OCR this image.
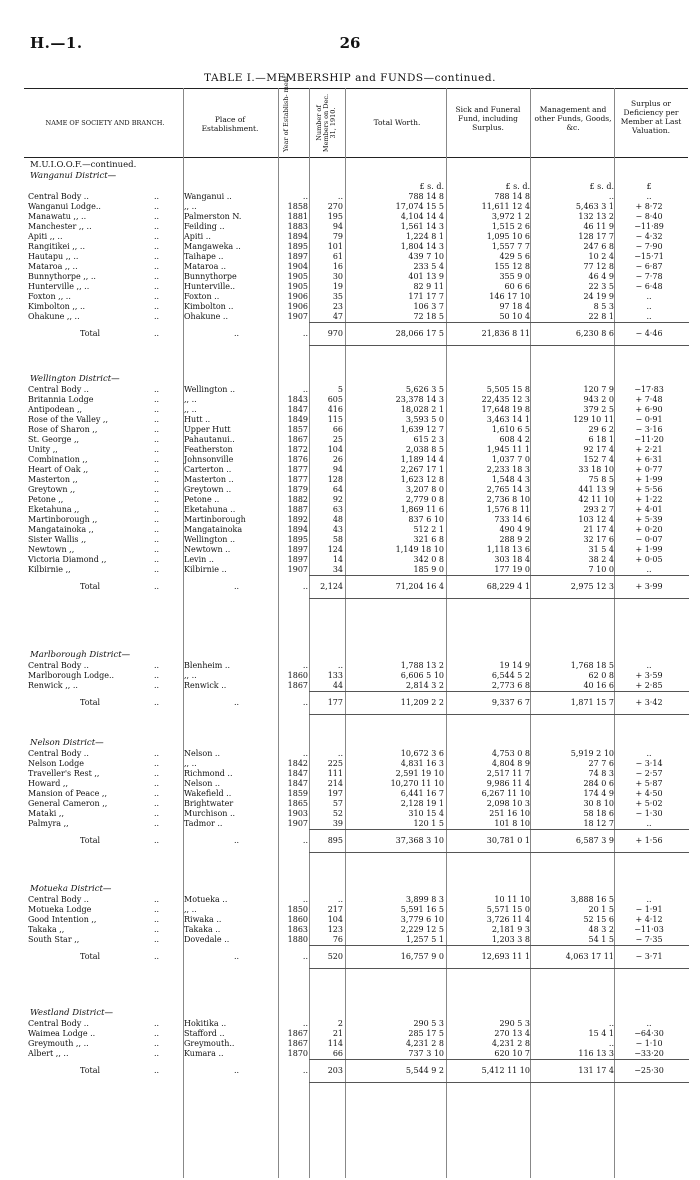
H.—1.	26
TABLE I.—MEMBERSHIP and FUNDS—continued.
NAME OF SOCIETY AND BRANCH.	Place of Establishment.	Year of Establish- ment.	Number of Members on Dec. 31, 1910.	Total Worth.
Sick and Funeral Fund, including Surplus.
Management and other Funds, Goods, &c.
Surplus or Deficiency per Member at Last Valuation.
M.U.I.O.O.F.—continued.
Wanganui District—
£ s. d.	£ s. d.	£ s. d.	£
Central Body ..	..	Wanganui ..	..	..	788 14 8	788 14 8	..	..
Wanganui Lodge..	..	,, ..	1858	270	17,074 15 5	11,611 12 4	5,463 3 1	+ 8·72
Manawatu ,, ..	..	Palmerston N.	1881	195	4,104 14 4	3,972 1 2	132 13 2	− 8·40
Manchester ,, ..	..	Feilding ..	1883	94	1,561 14 3	1,515 2 6	46 11 9	−11·89
Apiti ,, ..	..	Apiti ..	1894	79	1,224 8 1	1,095 10 6	128 17 7	− 4·32
Rangitikei ,, ..	..	Mangaweka ..	1895	101	1,804 14 3	1,557 7 7	247 6 8	− 7·90
Hautapu ,, ..	..	Taihape ..	1897	61	439 7 10	429 5 6	10 2 4	−15·71
Mataroa ,, ..	..	Mataroa ..	1904	16	233 5 4	155 12 8	77 12 8	− 6·87
Bunnythorpe ,, ..	..	Bunnythorpe	1905	30	401 13 9	355 9 0	46 4 9	− 7·78
Hunterville ,, ..	..	Hunterville..	1905	19	82 9 11	60 6 6	22 3 5	− 6·48
Foxton ,, ..	..	Foxton ..	1906	35	171 17 7	146 17 10	24 19 9	..
Kimbolton ,, ..	..	Kimbolton ..	1906	23	106 3 7	97 18 4	8 5 3	..
Ohakune ,, ..	..	Ohakune ..	1907	47	72 18 5	50 10 4	22 8 1	..
Total	..	..	..	970	28,066 17 5	21,836 8 11	6,230 8 6	− 4·46
Wellington District—
Central Body ..	..	Wellington ..	..	5	5,626 3 5	5,505 15 8	120 7 9	−17·83
Britannia Lodge	..	,, ..	1843	605	23,378 14 3	22,435 12 3	943 2 0	+ 7·48
Antipodean ,,	..	,, ..	1847	416	18,028 2 1	17,648 19 8	379 2 5	+ 6·90
Rose of the Valley ,,	..	Hutt ..	1849	115	3,593 5 0	3,463 14 1	129 10 11	− 0·91
Rose of Sharon ,,	..	Upper Hutt	1857	66	1,639 12 7	1,610 6 5	29 6 2	− 3·16
St. George ,,	..	Pahautanui..	1867	25	615 2 3	608 4 2	6 18 1	−11·20
Unity ,,	..	Featherston	1872	104	2,038 8 5	1,945 11 1	92 17 4	+ 2·21
Combination ,,	..	Johnsonville	1876	26	1,189 14 4	1,037 7 0	152 7 4	+ 6·31
Heart of Oak ,,	..	Carterton ..	1877	94	2,267 17 1	2,233 18 3	33 18 10	+ 0·77
Masterton ,,	..	Masterton ..	1877	128	1,623 12 8	1,548 4 3	75 8 5	+ 1·99
Greytown ,,	..	Greytown ..	1879	64	3,207 8 0	2,765 14 3	441 13 9	+ 5·56
Petone ,,	..	Petone ..	1882	92	2,779 0 8	2,736 8 10	42 11 10	+ 1·22
Eketahuna ,,	..	Eketahuna ..	1887	63	1,869 11 6	1,576 8 11	293 2 7	+ 4·01
Martinborough ,,	..	Martinborough	1892	48	837 6 10	733 14 6	103 12 4	+ 5·39
Mangatainoka ,,	..	Mangatainoka	1894	43	512 2 1	490 4 9	21 17 4	+ 0·20
Sister Wallis ,,	..	Wellington ..	1895	58	321 6 8	288 9 2	32 17 6	− 0·07
Newtown ,,	..	Newtown ..	1897	124	1,149 18 10	1,118 13 6	31 5 4	+ 1·99
Victoria Diamond ,,	..	Levin ..	1897	14	342 0 8	303 18 4	38 2 4	+ 0·05
Kilbirnie ,,	..	Kilbirnie ..	1907	34	185 9 0	177 19 0	7 10 0	..
Total	..	..	..	2,124	71,204 16 4	68,229 4 1	2,975 12 3	+ 3·99
Marlborough District—
Central Body ..	..	Blenheim ..	..	..	1,788 13 2	19 14 9	1,768 18 5	..
Marlborough Lodge..	..	,, ..	1860	133	6,606 5 10	6,544 5 2	62 0 8	+ 3·59
Renwick ,, ..	..	Renwick ..	1867	44	2,814 3 2	2,773 6 8	40 16 6	+ 2·85
Total	..	..	..	177	11,209 2 2	9,337 6 7	1,871 15 7	+ 3·42
Nelson District—
Central Body ..	..	Nelson ..	..	..	10,672 3 6	4,753 0 8	5,919 2 10	..
Nelson Lodge	..	,, ..	1842	225	4,831 16 3	4,804 8 9	27 7 6	− 3·14
Traveller's Rest ,,	..	Richmond ..	1847	111	2,591 19 10	2,517 11 7	74 8 3	− 2·57
Howard ,,	..	Nelson ..	1847	214	10,270 11 10	9,986 11 4	284 0 6	+ 5·87
Mansion of Peace ,,	..	Wakefield ..	1859	197	6,441 16 7	6,267 11 10	174 4 9	+ 4·50
General Cameron ,,	..	Brightwater	1865	57	2,128 19 1	2,098 10 3	30 8 10	+ 5·02
Mataki ,,	..	Murchison ..	1903	52	310 15 4	251 16 10	58 18 6	− 1·30
Palmyra ,,	..	Tadmor ..	1907	39	120 1 5	101 8 10	18 12 7	..
Total	..	..	..	895	37,368 3 10	30,781 0 1	6,587 3 9	+ 1·56
Motueka District—
Central Body ..	..	Motueka ..	..	..	3,899 8 3	10 11 10	3,888 16 5	..
Motueka Lodge	..	,, ..	1850	217	5,591 16 5	5,571 15 0	20 1 5	− 1·91
Good Intention ,,	..	Riwaka ..	1860	104	3,779 6 10	3,726 11 4	52 15 6	+ 4·12
Takaka ,,	..	Takaka ..	1863	123	2,229 12 5	2,181 9 3	48 3 2	−11·03
South Star ,,	..	Dovedale ..	1880	76	1,257 5 1	1,203 3 8	54 1 5	− 7·35
Total	..	..	..	520	16,757 9 0	12,693 11 1	4,063 17 11	− 3·71
Westland District—
Central Body ..	..	Hokitika ..	..	2	290 5 3	290 5 3	..	..
Waimea Lodge ..	..	Stafford ..	1867	21	285 17 5	270 13 4	15 4 1	−64·30
Greymouth ,, ..	..	Greymouth..	1867	114	4,231 2 8	4,231 2 8	..	− 1·10
Albert ,, ..	..	Kumara ..	1870	66	737 3 10	620 10 7	116 13 3	−33·20
Total	..	..	..	203	5,544 9 2	5,412 11 10	131 17 4	−25·30
